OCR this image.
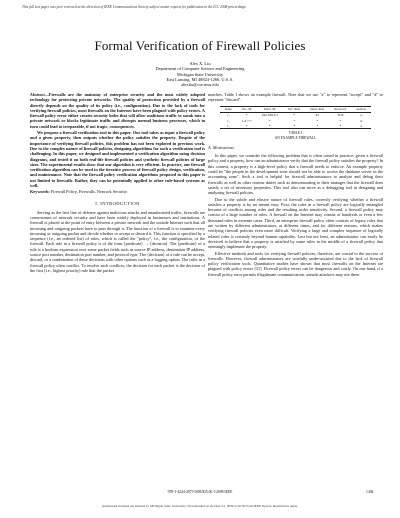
This full text paper was peer reviewed at the direction of IEEE Communications Society subject matter experts for publication in the ICC 2008 proceedings
Formal Verification of Firewall Policies
Alex X. Liu
Department of Computer Science and Engineering
Michigan State University
East Lansing, MI 48824-1266, U.S.A.
alexliu@cse.msu.edu

Abstract—Firewalls are the mainstay of enterprise security and the most widely adopted technology for protecting private networks. The quality of protection provided by a firewall directly depends on the quality of its policy (i.e., configuration). Due to the lack of tools for verifying firewall policies, most firewalls on the Internet have been plagued with policy errors. A firewall policy error either creates security holes that will allow malicious traffic to sneak into a private network or blocks legitimate traffic and disrupts normal business processes, which in turn could lead to irreparable, if not tragic, consequences.

We propose a firewall verification tool in this paper. Our tool takes as input a firewall policy and a given property, then outputs whether the policy satisfies the property. Despite of the importance of verifying firewall policies, this problem has not been explored in previous work. Due to the complex nature of firewall policies, designing algorithms for such a verification tool is challenging. In this paper, we designed and implemented a verification algorithm using decision diagrams, and tested it on both real-life firewall policies and synthetic firewall policies of large sizes. The experimental results show that our algorithm is very efficient. In practice, our firewall verification algorithm can be used in the iterative process of firewall policy design, verification, and maintenance. Note that the firewall policy verification algorithms proposed in this paper is not limited to firewalls. Rather, they can be potentially applied to other rule-based systems as well.

Keywords: Firewall Policy, Firewalls, Network Security.
I. INTRODUCTION

Serving as the first line of defense against malicious attacks and unauthorized traffic, firewalls are cornerstones of network security and have been widely deployed in businesses and institutions. A firewall is placed at the point of entry between a private network and the outside Internet such that all incoming and outgoing packets have to pass through it. The function of a firewall is to examine every incoming or outgoing packet and decide whether to accept or discard it. This function is specified by a sequence (i.e., an ordered list) of rules, which is called the "policy", i.e., the configuration, of the firewall. Each rule in a firewall policy is of the form ⟨predicate⟩ → ⟨decision⟩. The ⟨predicate⟩ of a rule is a boolean expression over some packet fields such as source IP address, destination IP address, source port number, destination port number, and protocol type. The ⟨decision⟩ of a rule can be accept, discard, or a combination of these decisions with other options such as a logging option. The rules in a firewall policy often conflict. To resolve such conflicts, the decision for each packet is the decision of the first (i.e., highest priority) rule that the packet

matches. Table I shows an example firewall. Note that we use "a" to represent "accept" and "d" to represent "discard".

Rule	Src. IP	Dest. IP	Src. Port	Dest. Port	Protocol	Action
r₁	*	192.168.0.1	*	25	TCP	a
r₂	1.2.*.*	*	*	*	*	d
r₃	*	*	*	*	*	a
TABLE I
AN EXAMPLE FIREWALL
A. Motivations

In this paper, we consider the following problem that is often raised in practice: given a firewall policy and a property, how can an administrator verify that the firewall policy satisfies the property? In this context, a property is a high-level policy that a firewall needs to enforce. An example property could be "the people in the development zone should not be able to access the database server in the accounting zone". Such a tool is helpful for firewall administrators to analyze and debug their firewalls as well as other routine duties such as demonstrating to their manager that the firewall does satisfy a set of necessary properties. This tool also can serve as a debugging tool in designing and analyzing firewall policies.

Due to the subtle and elusive nature of firewall rules, correctly verifying whether a firewall satisfies a property is by no means easy. First, the rules in a firewall policy are logically entangled because of conflicts among rules and the resulting order sensitivity. Second, a firewall policy may consist of a large number of rules. A firewall on the Internet may consist of hundreds or even a few thousand rules in extreme cases. Third, an enterprise firewall policy often consists of legacy rules that are written by different administrators, at different times, and for different reasons, which makes verifying firewall policies even more difficult. Verifying a large and complex sequence of logically related rules is certainly beyond human capability. Last but not least, an administrator can easily be deceived to believe that a property is satisfied by some rules in the middle of a firewall policy that seemingly implement the property.

Effective methods and tools for verifying firewall policies, therefore, are crucial to the success of firewalls. However, firewall administrators are woefully under-assisted due to the lack of firewall policy verification tools. Quantitative studies have shown that most firewalls on the Internet are plagued with policy errors [31]. Firewall policy errors can be dangerous and costly. On one hand, if a firewall policy error permits illegitimate communication, outside attackers may use these

978-1-4244-2075-9/08/$25.00 ©2008 IEEE	1494
Authorized licensed use limited to: Michigan State University. Downloaded on October 31, 2009 at 20:59 from IEEE Xplore. Restrictions apply.
